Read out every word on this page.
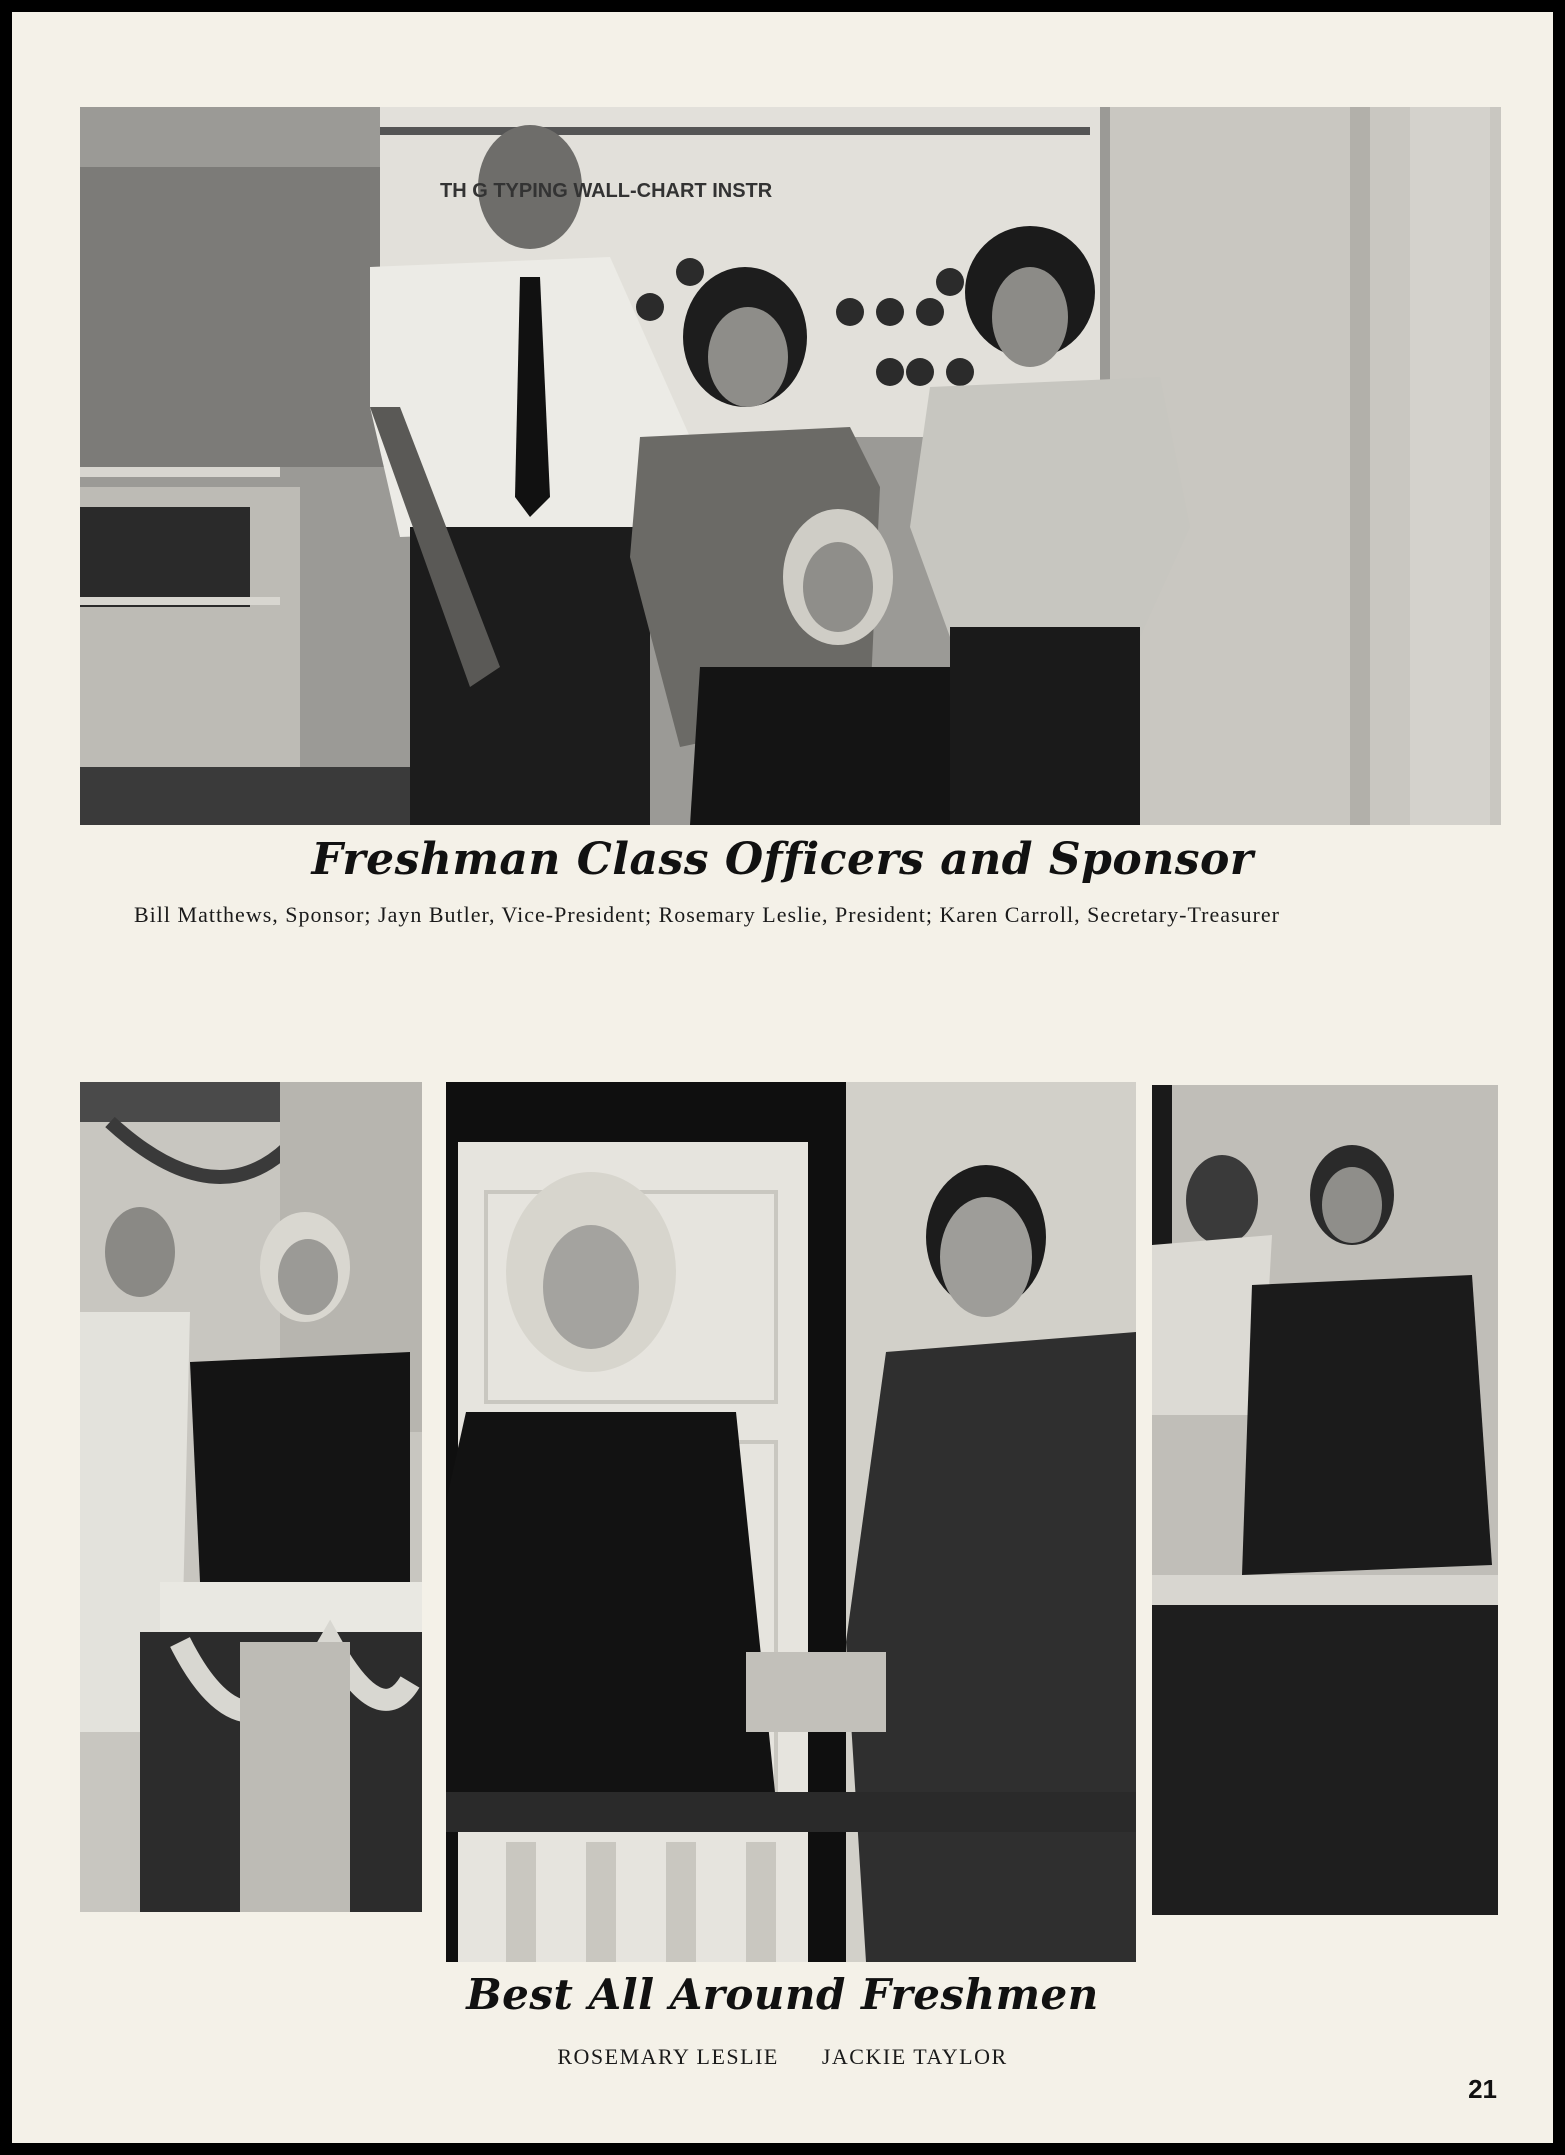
TH G TYPING WALL-CHART INSTR
Freshman Class Officers and Sponsor
Bill Matthews, Sponsor; Jayn Butler, Vice-President; Rosemary Leslie, President; Karen Carroll, Secretary-Treasurer
Best All Around Freshmen
ROSEMARY LESLIE JACKIE TAYLOR
21
